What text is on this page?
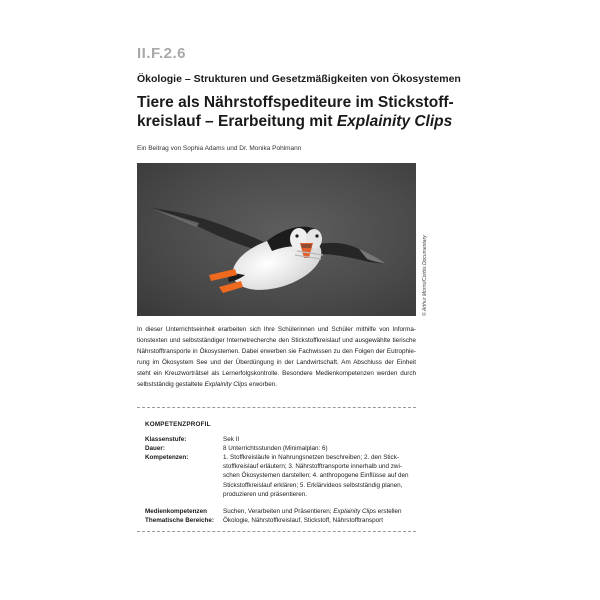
II.F.2.6
Ökologie – Strukturen und Gesetzmäßigkeiten von Ökosystemen
Tiere als Nährstoffspediteure im Stickstoff-
kreislauf – Erarbeitung mit Explainity Clips
Ein Beitrag von Sophia Adams und Dr. Monika Pohlmann
© Arthur Morris/Corbis Documentary
In dieser Unterrichtseinheit erarbeiten sich Ihre Schülerinnen und Schüler mithilfe von Informa-
tionstexten und selbstständiger Internetrecherche den Stickstoffkreislauf und ausgewählte tierische
Nährstofftransporte in Ökosystemen. Dabei erwerben sie Fachwissen zu den Folgen der Eutrophie-
rung im Ökosystem See und der Überdüngung in der Landwirtschaft. Am Abschluss der Einheit
steht ein Kreuzworträtsel als Lernerfolgskontrolle. Besondere Medienkompetenzen werden durch
selbstständig gestaltete Explainity Clips erworben.
KOMPETENZPROFIL
Klassenstufe:	Sek II
Dauer:	8 Unterrichtsstunden (Minimalplan: 6)
Kompetenzen:	1. Stoffkreisläufe in Nahrungsnetzen beschreiben; 2. den Stick-
stoffkreislauf erläutern; 3. Nährstofftransporte innerhalb und zwi-
schen Ökosystemen darstellen; 4. anthropogene Einflüsse auf den
Stickstoffkreislauf erklären; 5. Erklärvideos selbstständig planen,
produzieren und präsentieren.
Medienkompetenzen	Suchen, Verarbeiten und Präsentieren; Explainity Clips erstellen
Thematische Bereiche: Ökologie, Nährstoffkreislauf, Stickstoff, Nährstofftransport
